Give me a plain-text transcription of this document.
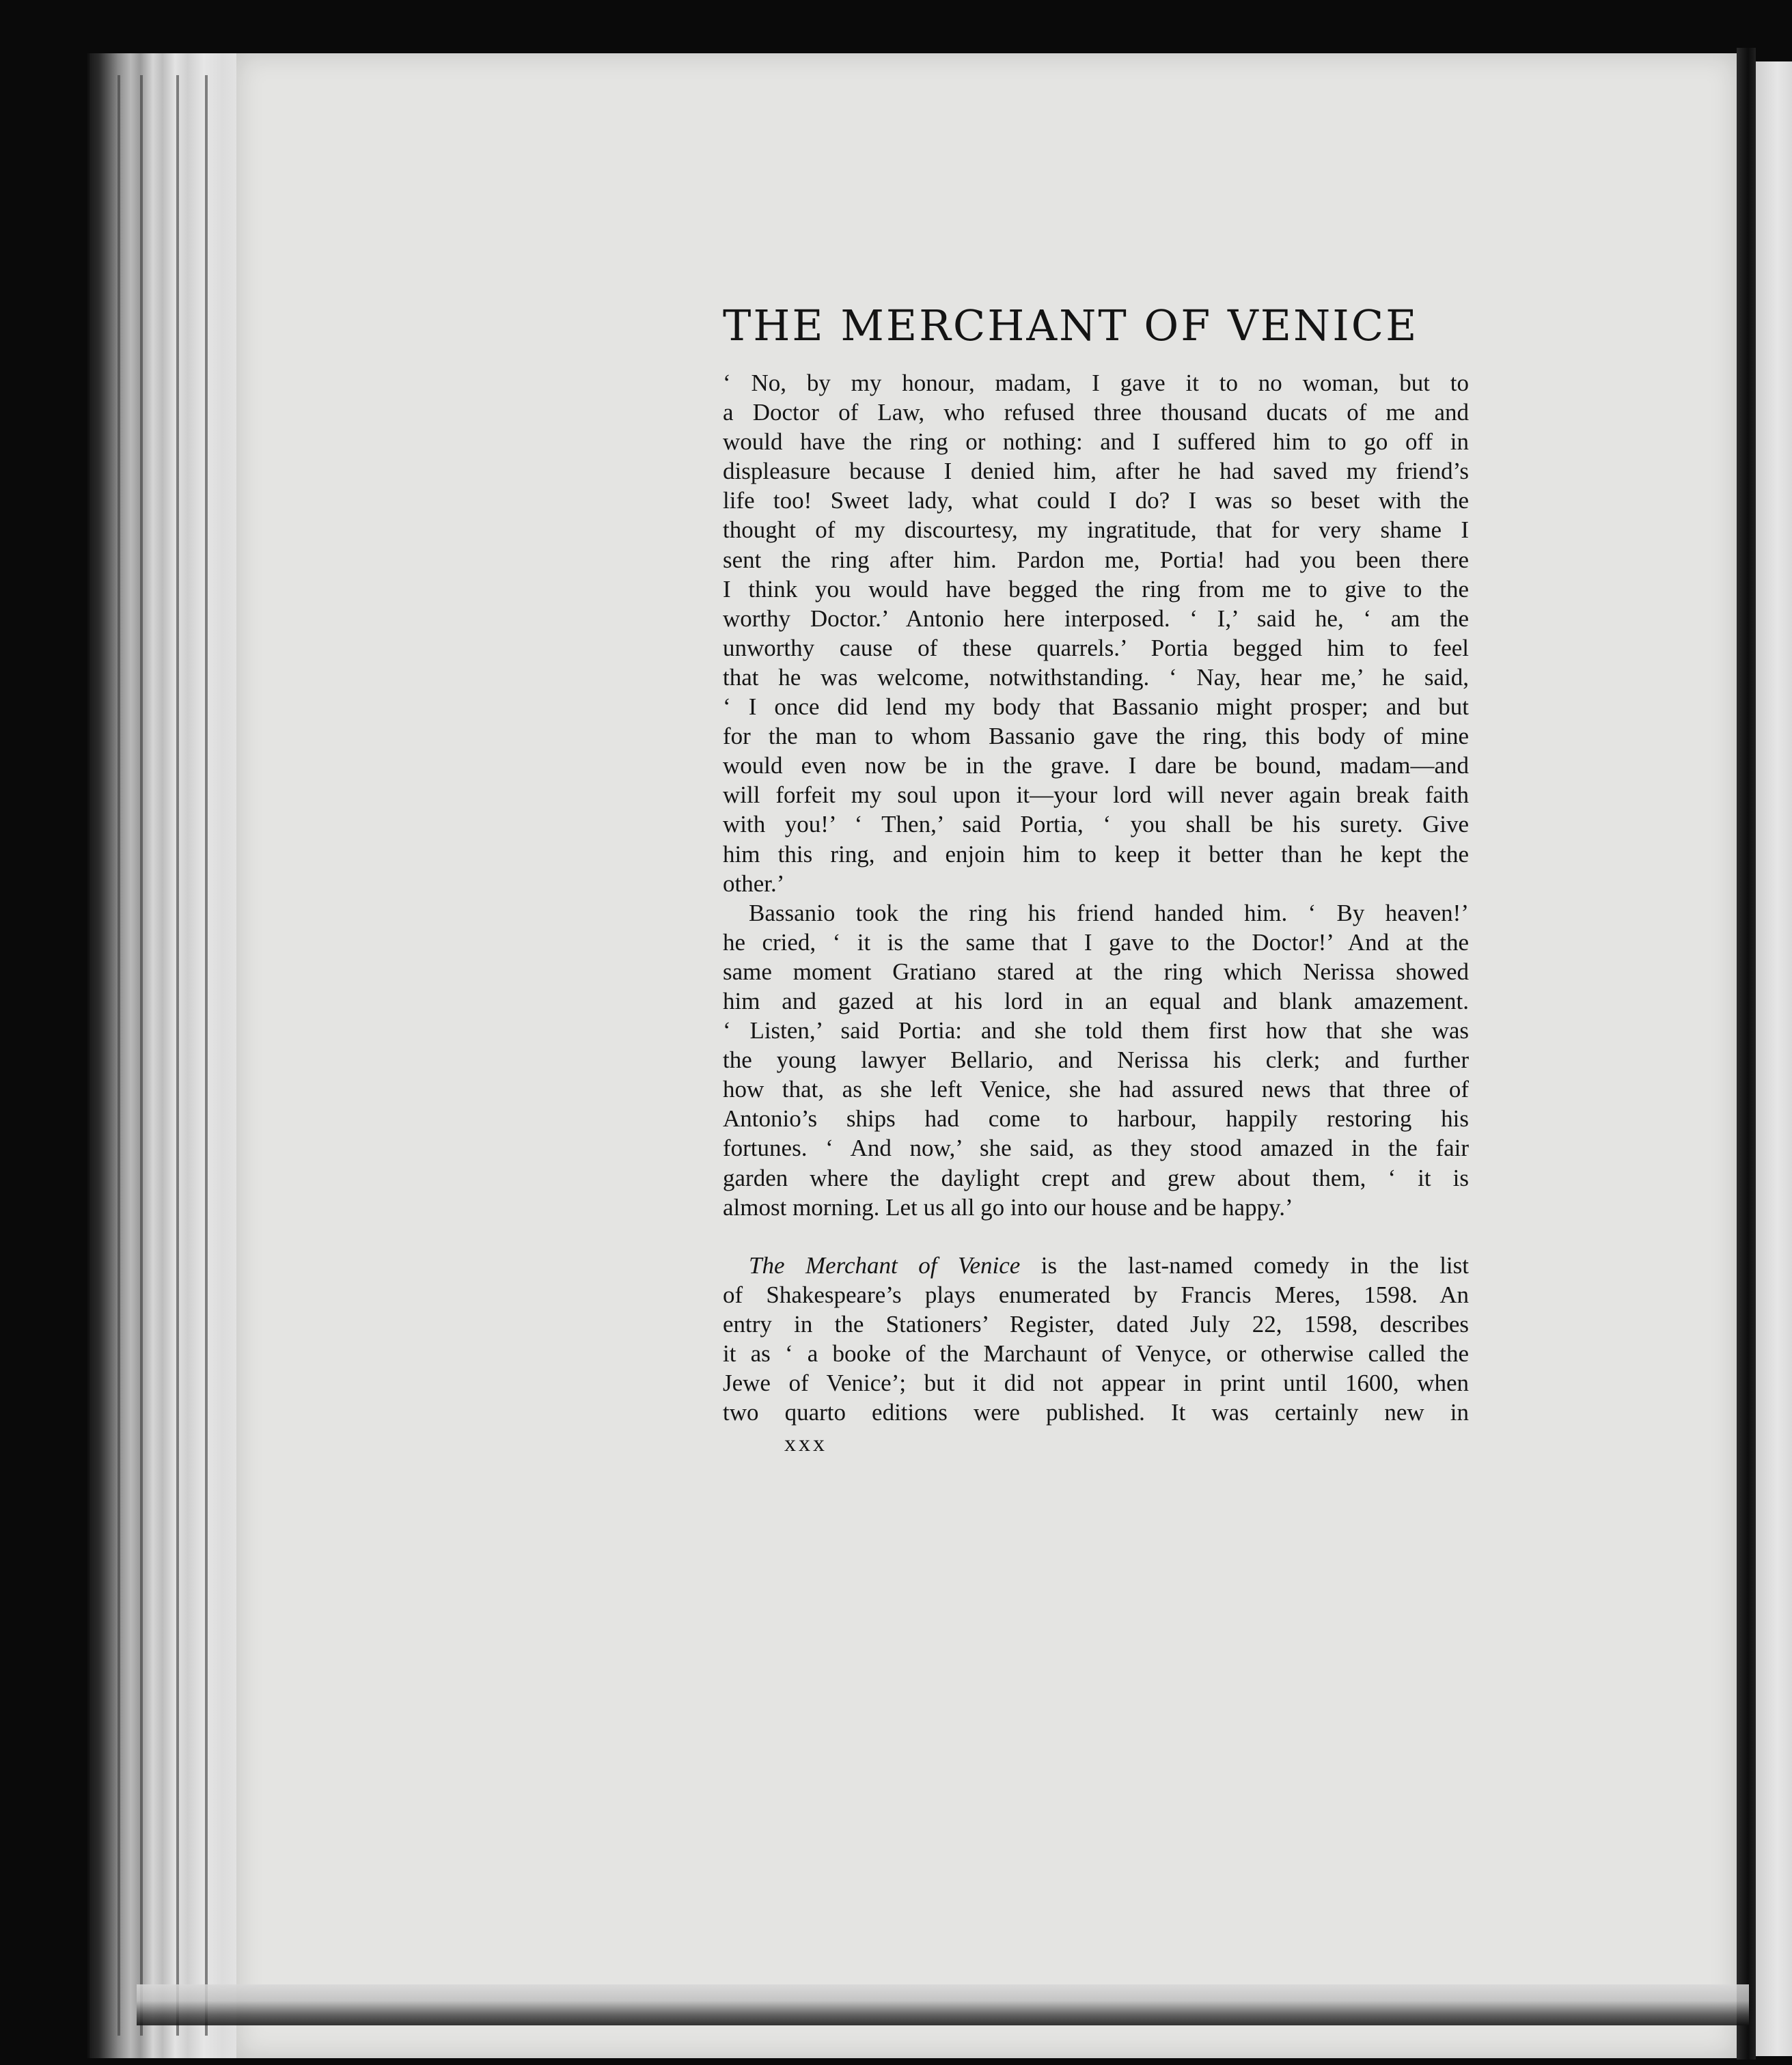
THE MERCHANT OF VENICE
‘ No, by my honour, madam, I gave it to no woman, but to
a Doctor of Law, who refused three thousand ducats of me and
would have the ring or nothing: and I suffered him to go off in
displeasure because I denied him, after he had saved my friend’s
life too! Sweet lady, what could I do? I was so beset with the
thought of my discourtesy, my ingratitude, that for very shame I
sent the ring after him. Pardon me, Portia! had you been there
I think you would have begged the ring from me to give to the
worthy Doctor.’ Antonio here interposed. ‘ I,’ said he, ‘ am the
unworthy cause of these quarrels.’ Portia begged him to feel
that he was welcome, notwithstanding. ‘ Nay, hear me,’ he said,
‘ I once did lend my body that Bassanio might prosper; and but
for the man to whom Bassanio gave the ring, this body of mine
would even now be in the grave. I dare be bound, madam—and
will forfeit my soul upon it—your lord will never again break faith
with you!’ ‘ Then,’ said Portia, ‘ you shall be his surety. Give
him this ring, and enjoin him to keep it better than he kept the
other.’
Bassanio took the ring his friend handed him. ‘ By heaven!’
he cried, ‘ it is the same that I gave to the Doctor!’ And at the
same moment Gratiano stared at the ring which Nerissa showed
him and gazed at his lord in an equal and blank amazement.
‘ Listen,’ said Portia: and she told them first how that she was
the young lawyer Bellario, and Nerissa his clerk; and further
how that, as she left Venice, she had assured news that three of
Antonio’s ships had come to harbour, happily restoring his
fortunes. ‘ And now,’ she said, as they stood amazed in the fair
garden where the daylight crept and grew about them, ‘ it is
almost morning. Let us all go into our house and be happy.’
The Merchant of Venice is the last-named comedy in the list
of Shakespeare’s plays enumerated by Francis Meres, 1598. An
entry in the Stationers’ Register, dated July 22, 1598, describes
it as ‘ a booke of the Marchaunt of Venyce, or otherwise called the
Jewe of Venice’; but it did not appear in print until 1600, when
two quarto editions were published. It was certainly new in
xxx
